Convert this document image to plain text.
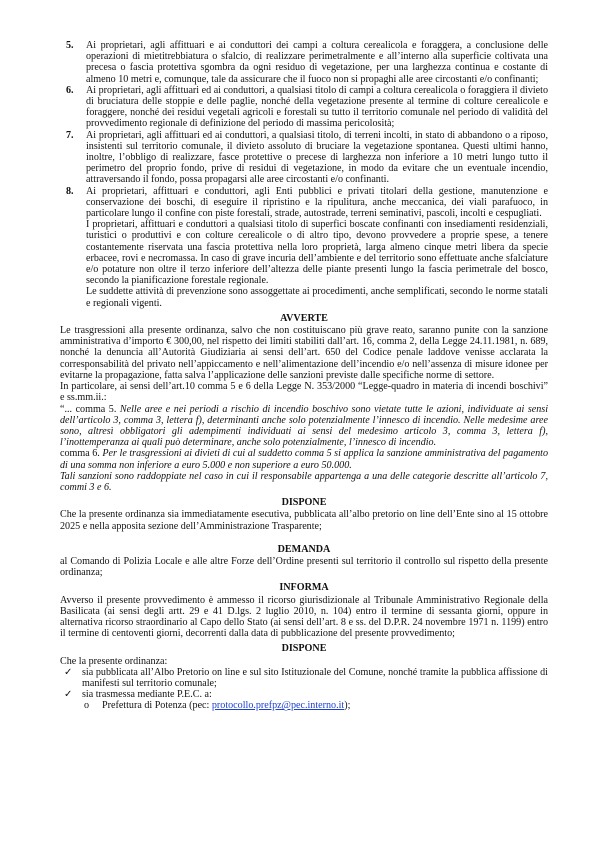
5.	Ai proprietari, agli affittuari e ai conduttori dei campi a coltura cerealicola e foraggera, a conclusione delle operazioni di mietitrebbiatura o sfalcio, di realizzare perimetralmente e all’interno alla superficie coltivata una precesa o fascia protettiva sgombra da ogni residuo di vegetazione, per una larghezza continua e costante di almeno 10 metri e, comunque, tale da assicurare che il fuoco non si propaghi alle aree circostanti e/o confinanti;

6.	Ai proprietari, agli affittuari ed ai conduttori, a qualsiasi titolo di campi a coltura cerealicola o foraggiera il divieto di bruciatura delle stoppie e delle paglie, nonché della vegetazione presente al termine di colture cerealicole e foraggere, nonché dei residui vegetali agricoli e forestali su tutto il territorio comunale nel periodo di validità del provvedimento regionale di definizione del periodo di massima pericolosità;

7.	Ai proprietari, agli affittuari ed ai conduttori, a qualsiasi titolo, di terreni incolti, in stato di abbandono o a riposo, insistenti sul territorio comunale, il divieto assoluto di bruciare la vegetazione spontanea. Questi ultimi hanno, inoltre, l’obbligo di realizzare, fasce protettive o precese di larghezza non inferiore a 10 metri lungo tutto il perimetro del proprio fondo, prive di residui di vegetazione, in modo da evitare che un eventuale incendio, attraversando il fondo, possa propagarsi alle aree circostanti e/o confinanti.

8.	Ai proprietari, affittuari e conduttori, agli Enti pubblici e privati titolari della gestione, manutenzione e conservazione dei boschi, di eseguire il ripristino e la ripulitura, anche meccanica, dei viali parafuoco, in particolare lungo il confine con piste forestali, strade, autostrade, terreni seminativi, pascoli, incolti e cespugliati.

I proprietari, affittuari e conduttori a qualsiasi titolo di superfici boscate confinanti con insediamenti residenziali, turistici o produttivi e con colture cerealicole o di altro tipo, devono provvedere a proprie spese, a tenere costantemente riservata una fascia protettiva nella loro proprietà, larga almeno cinque metri libera da specie erbacee, rovi e necromassa. In caso di grave incuria dell’ambiente e del territorio sono effettuate anche sfalciature e/o potature non oltre il terzo inferiore dell’altezza delle piante presenti lungo la fascia perimetrale del bosco, secondo la pianificazione forestale regionale.

Le suddette attività di prevenzione sono assoggettate ai procedimenti, anche semplificati, secondo le norme statali e regionali vigenti.

AVVERTE

Le trasgressioni alla presente ordinanza, salvo che non costituiscano più grave reato, saranno punite con la sanzione amministrativa d’importo € 300,00, nel rispetto dei limiti stabiliti dall’art. 16, comma 2, della Legge 24.11.1981, n. 689, nonché la denuncia all’Autorità Giudiziaria ai sensi dell’art. 650 del Codice penale laddove venisse acclarata la corresponsabilità del privato nell’appiccamento e nell’alimentazione dell’incendio e/o nell’assenza di misure idonee per evitarne la propagazione, fatta salva l’applicazione delle sanzioni previste dalle specifiche norme di settore.

In particolare, ai sensi dell’art.10 comma 5 e 6 della Legge N. 353/2000 “Legge-quadro in materia di incendi boschivi” e ss.mm.ii.:

“... comma 5. Nelle aree e nei periodi a rischio di incendio boschivo sono vietate tutte le azioni, individuate ai sensi dell’articolo 3, comma 3, lettera f), determinanti anche solo potenzialmente l’innesco di incendio. Nelle medesime aree sono, altresì obbligatori gli adempimenti individuati ai sensi del medesimo articolo 3, comma 3, lettera f), l’inottemperanza ai quali può determinare, anche solo potenzialmente, l’innesco di incendio.

comma 6. Per le trasgressioni ai divieti di cui al suddetto comma 5 si applica la sanzione amministrativa del pagamento di una somma non inferiore a euro 5.000 e non superiore a euro 50.000.

Tali sanzioni sono raddoppiate nel caso in cui il responsabile appartenga a una delle categorie descritte all’articolo 7, commi 3 e 6.

DISPONE

Che la presente ordinanza sia immediatamente esecutiva, pubblicata all’albo pretorio on line dell’Ente sino al 15 ottobre 2025 e nella apposita sezione dell’Amministrazione Trasparente;

DEMANDA

al Comando di Polizia Locale e alle altre Forze dell’Ordine presenti sul territorio il controllo sul rispetto della presente ordinanza;

INFORMA

Avverso il presente provvedimento è ammesso il ricorso giurisdizionale al Tribunale Amministrativo Regionale della Basilicata (ai sensi degli artt. 29 e 41 D.lgs. 2 luglio 2010, n. 104) entro il termine di sessanta giorni, oppure in alternativa ricorso straordinario al Capo dello Stato (ai sensi dell’art. 8 e ss. del D.P.R. 24 novembre 1971 n. 1199) entro il termine di centoventi giorni, decorrenti dalla data di pubblicazione del presente provvedimento;

DISPONE

Che la presente ordinanza:

✓ sia pubblicata all’Albo Pretorio on line e sul sito Istituzionale del Comune, nonché tramite la pubblica affissione di manifesti sul territorio comunale;
✓ sia trasmessa mediante P.E.C. a:
o	Prefettura di Potenza (pec: protocollo.prefpz@pec.interno.it);
